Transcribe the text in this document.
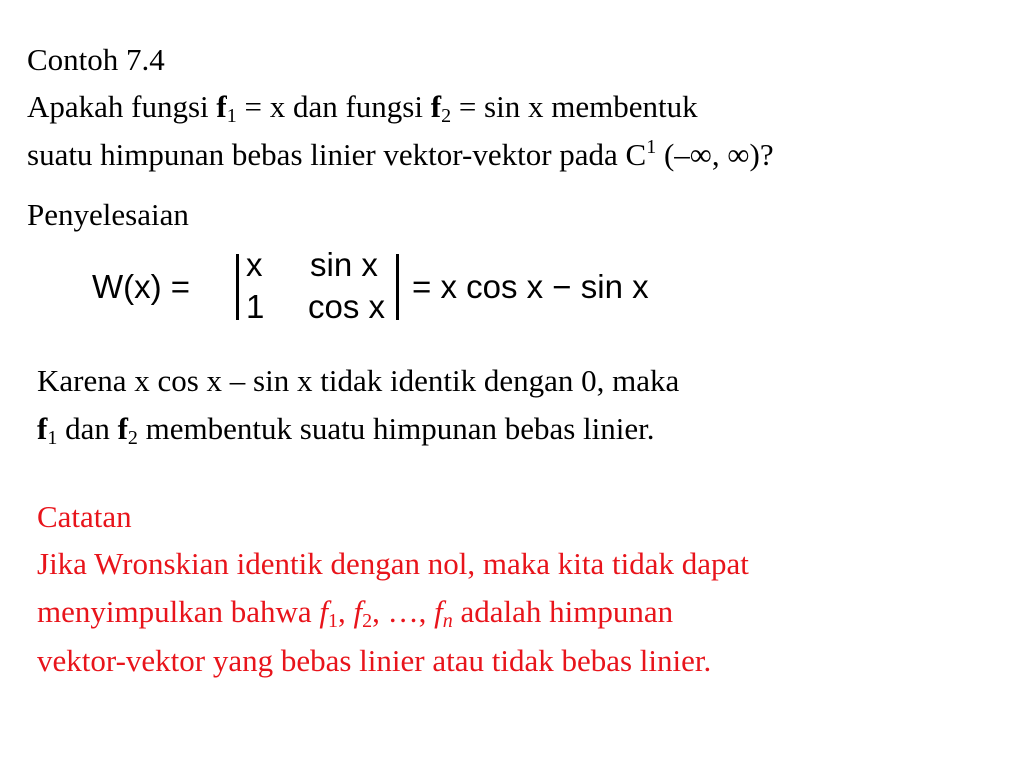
Contoh 7.4
Apakah fungsi $f_1 = x$ dan fungsi $f_2 = \sin x$ membentuk
suatu himpunan bebas linier vektor-vektor pada $C^1$ (–∞, ∞)?
Penyelesaian
W(x) =
x sin x
1 cos x
= x cos x − sin x
Karena x cos x – sin x tidak identik dengan 0, maka
$f_1$ dan $f_2$ membentuk suatu himpunan bebas linier.
Catatan
Jika Wronskian identik dengan nol, maka kita tidak dapat
menyimpulkan bahwa $f_1$, $f_2$, …, $f_n$ adalah himpunan
vektor-vektor yang bebas linier atau tidak bebas linier.
